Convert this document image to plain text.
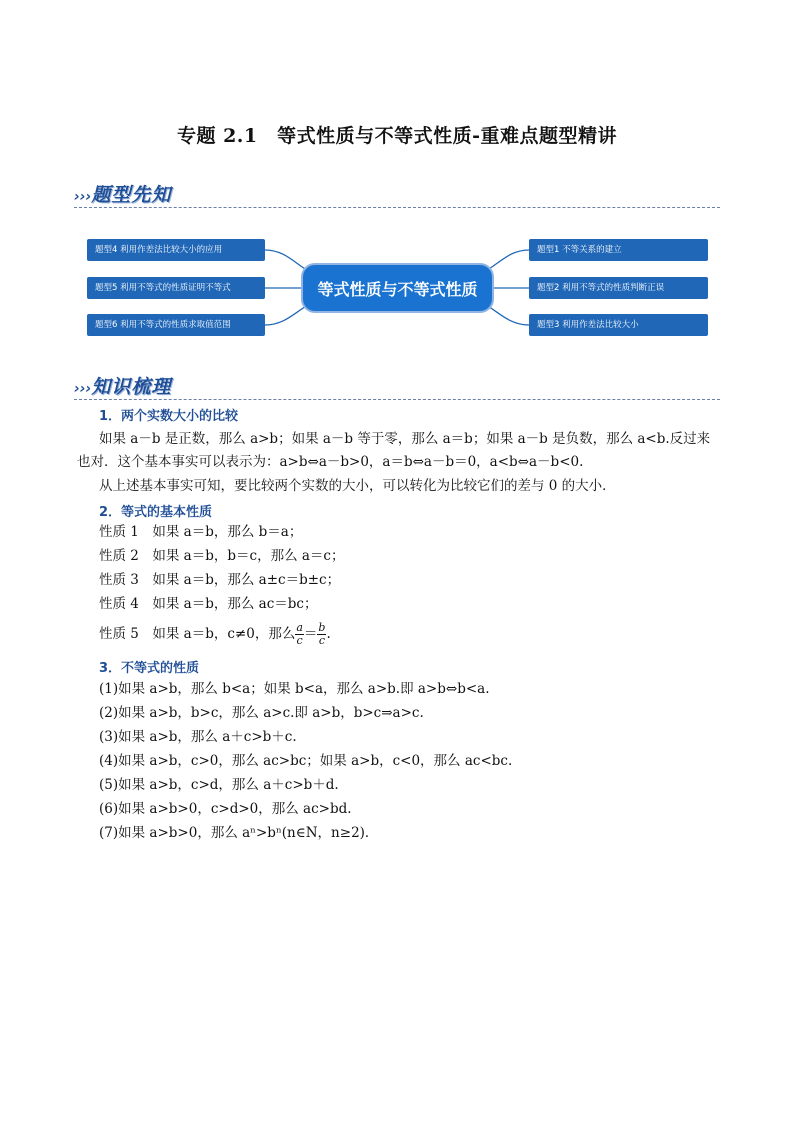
专题 2.1　等式性质与不等式性质-重难点题型精讲
›››题型先知
题型4 利用作差法比较大小的应用
题型5 利用不等式的性质证明不等式
题型6 利用不等式的性质求取值范围
等式性质与不等式性质
题型1 不等关系的建立
题型2 利用不等式的性质判断正误
题型3 利用作差法比较大小
›››知识梳理
1．两个实数大小的比较
如果 a－b 是正数，那么 a>b；如果 a－b 等于零，那么 a＝b；如果 a－b 是负数，那么 a<b.反过来也对．这个基本事实可以表示为：a>b⇔a－b>0，a＝b⇔a－b＝0，a<b⇔a－b<0.
从上述基本事实可知，要比较两个实数的大小，可以转化为比较它们的差与 0 的大小．
2．等式的基本性质
性质 1　如果 a＝b，那么 b＝a；
性质 2　如果 a＝b，b＝c，那么 a＝c；
性质 3　如果 a＝b，那么 a±c＝b±c；
性质 4　如果 a＝b，那么 ac＝bc；
性质 5　如果 a＝b，c≠0，那么 $\frac{a}{c} = \frac{b}{c}$ .
3．不等式的性质
(1)如果 a>b，那么 b<a；如果 b<a，那么 a>b.即 a>b⇔b<a.
(2)如果 a>b，b>c，那么 a>c.即 a>b，b>c⇒a>c.
(3)如果 a>b，那么 a＋c>b＋c.
(4)如果 a>b，c>0，那么 ac>bc；如果 a>b，c<0，那么 ac<bc.
(5)如果 a>b，c>d，那么 a＋c>b＋d.
(6)如果 a>b>0，c>d>0，那么 ac>bd.
(7)如果 a>b>0，那么 aⁿ>bⁿ(n∈N，n≥2)．
